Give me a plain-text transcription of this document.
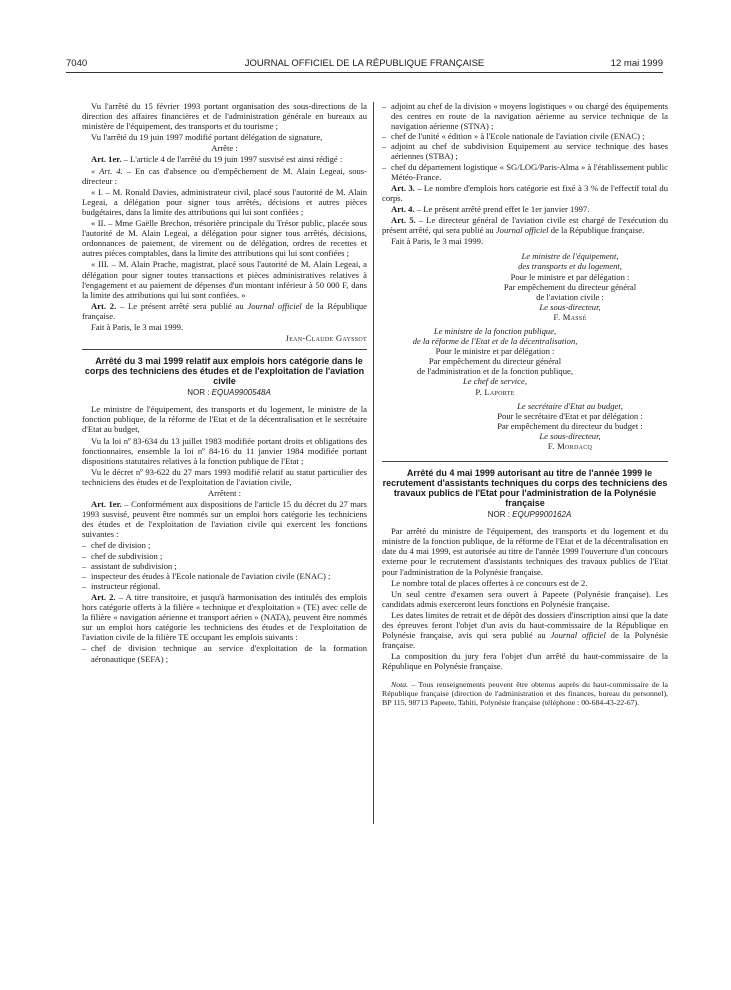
7040	JOURNAL OFFICIEL DE LA RÉPUBLIQUE FRANÇAISE	12 mai 1999

Vu l'arrêté du 15 février 1993 portant organisation des sous-directions de la direction des affaires financières et de l'administration générale en bureaux au ministère de l'équipement, des transports et du tourisme ;

Vu l'arrêté du 19 juin 1997 modifié portant délégation de signature,

Arrête :

Art. 1er. – L'article 4 de l'arrêté du 19 juin 1997 susvisé est ainsi rédigé :

« Art. 4. – En cas d'absence ou d'empêchement de M. Alain Legeai, sous-directeur :

« I. – M. Ronald Davies, administrateur civil, placé sous l'autorité de M. Alain Legeai, a délégation pour signer tous arrêtés, décisions et autres pièces budgétaires, dans la limite des attributions qui lui sont confiées ;

« II. – Mme Gaëlle Brechon, trésorière principale du Trésor public, placée sous l'autorité de M. Alain Legeai, a délégation pour signer tous arrêtés, décisions, ordonnances de paiement, de virement ou de délégation, ordres de recettes et autres pièces comptables, dans la limite des attributions qui lui sont confiées ;

« III. – M. Alain Prache, magistrat, placé sous l'autorité de M. Alain Legeai, a délégation pour signer toutes transactions et pièces administratives relatives à l'engagement et au paiement de dépenses d'un montant inférieur à 50 000 F, dans la limite des attributions qui lui sont confiées. »

Art. 2. – Le présent arrêté sera publié au Journal officiel de la République française.

Fait à Paris, le 3 mai 1999.

Jean-Claude Gayssot

Arrêté du 3 mai 1999 relatif aux emplois hors catégorie dans le corps des techniciens des études et de l'exploitation de l'aviation civile

NOR : EQUA9900548A

Le ministre de l'équipement, des transports et du logement, le ministre de la fonction publique, de la réforme de l'Etat et de la décentralisation et le secrétaire d'Etat au budget,

Vu la loi nº 83-634 du 13 juillet 1983 modifiée portant droits et obligations des fonctionnaires, ensemble la loi nº 84-16 du 11 janvier 1984 modifiée portant dispositions statutaires relatives à la fonction publique de l'Etat ;

Vu le décret nº 93-622 du 27 mars 1993 modifié relatif au statut particulier des techniciens des études et de l'exploitation de l'aviation civile,

Arrêtent :

Art. 1er. – Conformément aux dispositions de l'article 15 du décret du 27 mars 1993 susvisé, peuvent être nommés sur un emploi hors catégorie les techniciens des études et de l'exploitation de l'aviation civile qui exercent les fonctions suivantes :

– chef de division ;
– chef de subdivision ;
– assistant de subdivision ;
– inspecteur des études à l'Ecole nationale de l'aviation civile (ENAC) ;
– instructeur régional.

Art. 2. – A titre transitoire, et jusqu'à harmonisation des intitulés des emplois hors catégorie offerts à la filière « technique et d'exploitation » (TE) avec celle de la filière « navigation aérienne et transport aérien » (NATA), peuvent être nommés sur un emploi hors catégorie les techniciens des études et de l'exploitation de l'aviation civile de la filière TE occupant les emplois suivants :

– chef de division technique au service d'exploitation de la formation aéronautique (SEFA) ;
– adjoint au chef de la division « moyens logistiques » ou chargé des équipements des centres en route de la navigation aérienne au service technique de la navigation aérienne (STNA) ;
– chef de l'unité « édition » à l'Ecole nationale de l'aviation civile (ENAC) ;
– adjoint au chef de subdivision Equipement au service technique des bases aériennes (STBA) ;
– chef du département logistique « SG/LOG/Paris-Alma » à l'établissement public Météo-France.

Art. 3. – Le nombre d'emplois hors catégorie est fixé à 3 % de l'effectif total du corps.

Art. 4. – Le présent arrêté prend effet le 1er janvier 1997.

Art. 5. – Le directeur général de l'aviation civile est chargé de l'exécution du présent arrêté, qui sera publié au Journal officiel de la République française.

Fait à Paris, le 3 mai 1999.

Le ministre de l'équipement,

des transports et du logement,

Pour le ministre et par délégation :

Par empêchement du directeur général

de l'aviation civile :

Le sous-directeur,

F. Massé

Le ministre de la fonction publique,

de la réforme de l'Etat et de la décentralisation,

Pour le ministre et par délégation :

Par empêchement du directeur général

de l'administration et de la fonction publique,

Le chef de service,

P. Laporte

Le secrétaire d'Etat au budget,

Pour le secrétaire d'Etat et par délégation :

Par empêchement du directeur du budget :

Le sous-directeur,

F. Mordacq

Arrêté du 4 mai 1999 autorisant au titre de l'année 1999 le recrutement d'assistants techniques du corps des techniciens des travaux publics de l'Etat pour l'administration de la Polynésie française

NOR : EQUP9900162A

Par arrêté du ministre de l'équipement, des transports et du logement et du ministre de la fonction publique, de la réforme de l'Etat et de la décentralisation en date du 4 mai 1999, est autorisée au titre de l'année 1999 l'ouverture d'un concours externe pour le recrutement d'assistants techniques des travaux publics de l'Etat pour l'administration de la Polynésie française.

Le nombre total de places offertes à ce concours est de 2.

Un seul centre d'examen sera ouvert à Papeete (Polynésie française). Les candidats admis exerceront leurs fonctions en Polynésie française.

Les dates limites de retrait et de dépôt des dossiers d'inscription ainsi que la date des épreuves feront l'objet d'un avis du haut-commissaire de la République en Polynésie française, avis qui sera publié au Journal officiel de la Polynésie française.

La composition du jury fera l'objet d'un arrêté du haut-commissaire de la République en Polynésie française.

Nota. – Tous renseignements peuvent être obtenus auprès du haut-commissaire de la République française (direction de l'administration et des finances, bureau du personnel), BP 115, 98713 Papeete, Tahiti, Polynésie française (téléphone : 00-684-43-22-67).
